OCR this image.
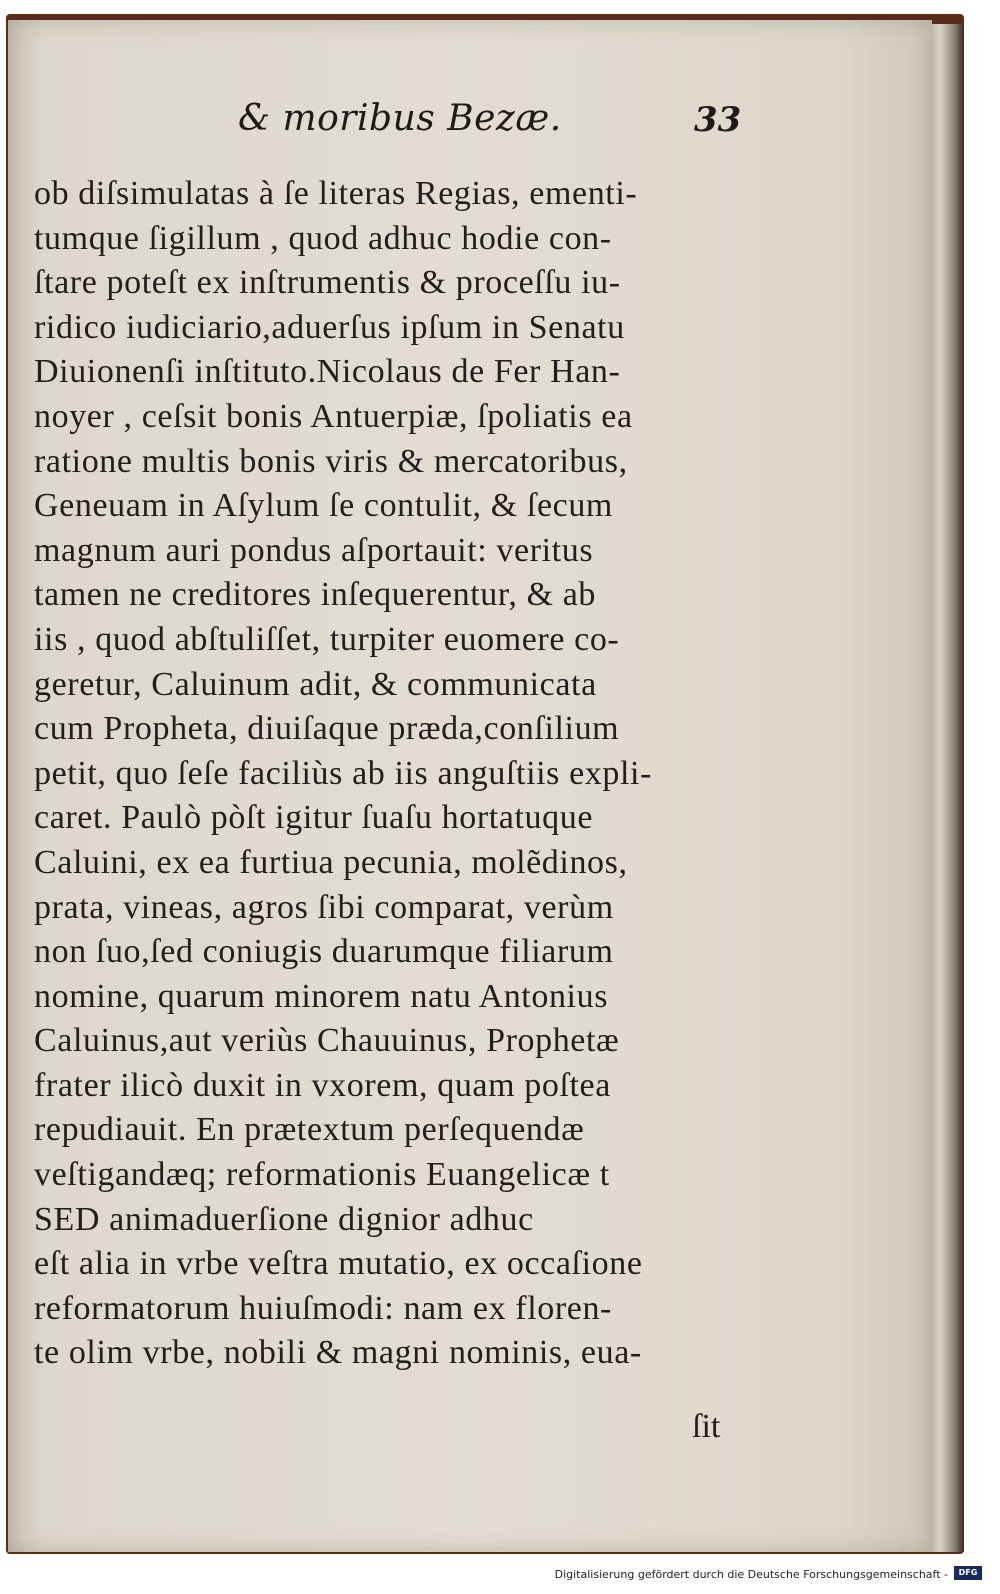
& moribus Bezæ.	33
ob diſsimulatas à ſe literas Regias, ementi-
tumque ſigillum , quod adhuc hodie con-
ſtare poteſt ex inſtrumentis & proceſſu iu-
ridico iudiciario,aduerſus ipſum in Senatu
Diuionenſi inſtituto.Nicolaus de Fer Han-
noyer , ceſsit bonis Antuerpiæ, ſpoliatis ea
ratione multis bonis viris & mercatoribus,
Geneuam in Aſylum ſe contulit, & ſecum
magnum auri pondus aſportauit: veritus
tamen ne creditores inſequerentur, & ab
iis , quod abſtuliſſet, turpiter euomere co-
geretur, Caluinum adit, & communicata
cum Propheta, diuiſaque præda,conſilium
petit, quo ſeſe faciliùs ab iis anguſtiis expli-
caret. Paulò pòſt igitur ſuaſu hortatuque
Caluini, ex ea furtiua pecunia, molẽdinos,
prata, vineas, agros ſibi comparat, verùm
non ſuo,ſed coniugis duarumque filiarum
nomine, quarum minorem natu Antonius
Caluinus,aut veriùs Chauuinus, Prophetæ
frater ilicò duxit in vxorem, quam poſtea
repudiauit. En prætextum perſequendæ
veſtigandæq; reformationis Euangelicæ t
SED animaduerſione dignior adhuc
eſt alia in vrbe veſtra mutatio, ex occaſione
reformatorum huiuſmodi: nam ex floren-
te olim vrbe, nobili & magni nominis, eua-
ſit
Digitalisierung gefördert durch die Deutsche Forschungsgemeinschaft -	DFG
